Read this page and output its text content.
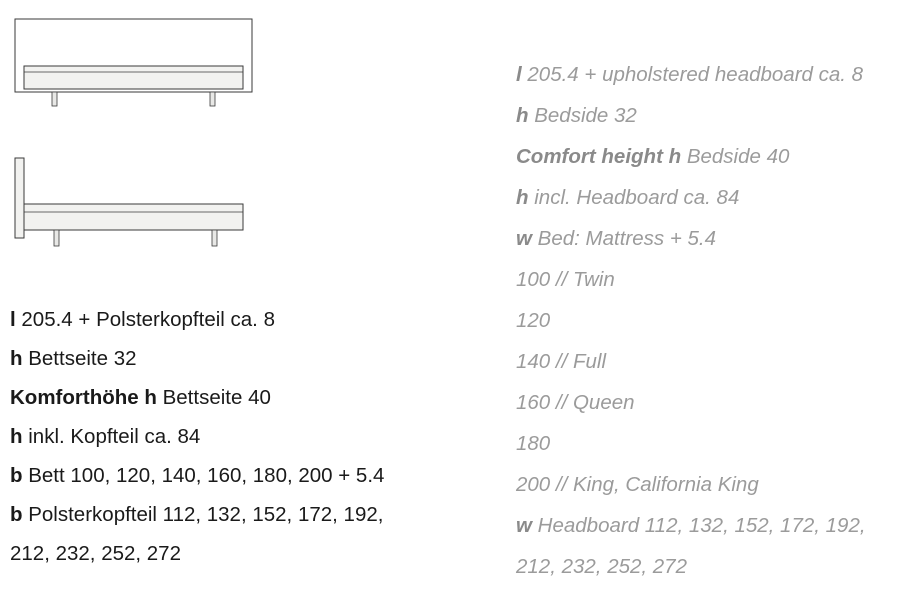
l 205.4 + Polsterkopfteil ca. 8
h Bettseite 32
Komforthöhe h Bettseite 40
h inkl. Kopfteil ca. 84
b Bett 100, 120, 140, 160, 180, 200 + 5.4
b Polsterkopfteil 112, 132, 152, 172, 192,
212, 232, 252, 272
l 205.4 + upholstered headboard ca. 8
h Bedside 32
Comfort height h Bedside 40
h incl. Headboard ca. 84
w Bed: Mattress + 5.4
100 // Twin
120
140 // Full
160 // Queen
180
200 // King, California King
w Headboard 112, 132, 152, 172, 192,
212, 232, 252, 272
